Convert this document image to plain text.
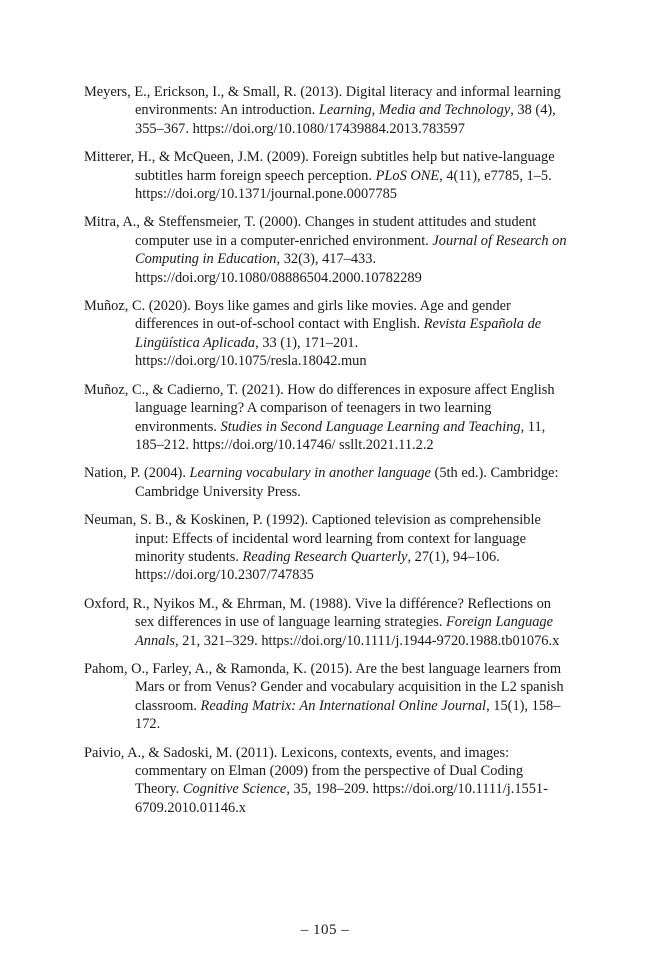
Meyers, E., Erickson, I., & Small, R. (2013). Digital literacy and informal learning environments: An introduction. Learning, Media and Technology, 38 (4), 355–367. https://doi.org/10.1080/17439884.2013.783597

Mitterer, H., & McQueen, J.M. (2009). Foreign subtitles help but native-language subtitles harm foreign speech perception. PLoS ONE, 4(11), e7785, 1–5. https://doi.org/10.1371/journal.pone.0007785

Mitra, A., & Steffensmeier, T. (2000). Changes in student attitudes and student computer use in a computer-enriched environment. Journal of Research on Computing in Education, 32(3), 417–433. https://doi.org/10.1080/08886504.2000.10782289

Muñoz, C. (2020). Boys like games and girls like movies. Age and gender differences in out-of-school contact with English. Revista Española de Lingüística Aplicada, 33 (1), 171–201. https://doi.org/10.1075/resla.18042.mun

Muñoz, C., & Cadierno, T. (2021). How do differences in exposure affect English language learning? A comparison of teenagers in two learning environments. Studies in Second Language Learning and Teaching, 11, 185–212. https://doi.org/10.14746/ ssllt.2021.11.2.2

Nation, P. (2004). Learning vocabulary in another language (5th ed.). Cambridge: Cambridge University Press.

Neuman, S. B., & Koskinen, P. (1992). Captioned television as comprehensible input: Effects of incidental word learning from context for language minority students. Reading Research Quarterly, 27(1), 94–106. https://doi.org/10.2307/747835

Oxford, R., Nyikos M., & Ehrman, M. (1988). Vive la différence? Reflections on sex differences in use of language learning strategies. Foreign Language Annals, 21, 321–329. https://doi.org/10.1111/j.1944-9720.1988.tb01076.x

Pahom, O., Farley, A., & Ramonda, K. (2015). Are the best language learners from Mars or from Venus? Gender and vocabulary acquisition in the L2 spanish classroom. Reading Matrix: An International Online Journal, 15(1), 158–172.

Paivio, A., & Sadoski, M. (2011). Lexicons, contexts, events, and images: commentary on Elman (2009) from the perspective of Dual Coding Theory. Cognitive Science, 35, 198–209. https://doi.org/10.1111/j.1551-6709.2010.01146.x

– 105 –
